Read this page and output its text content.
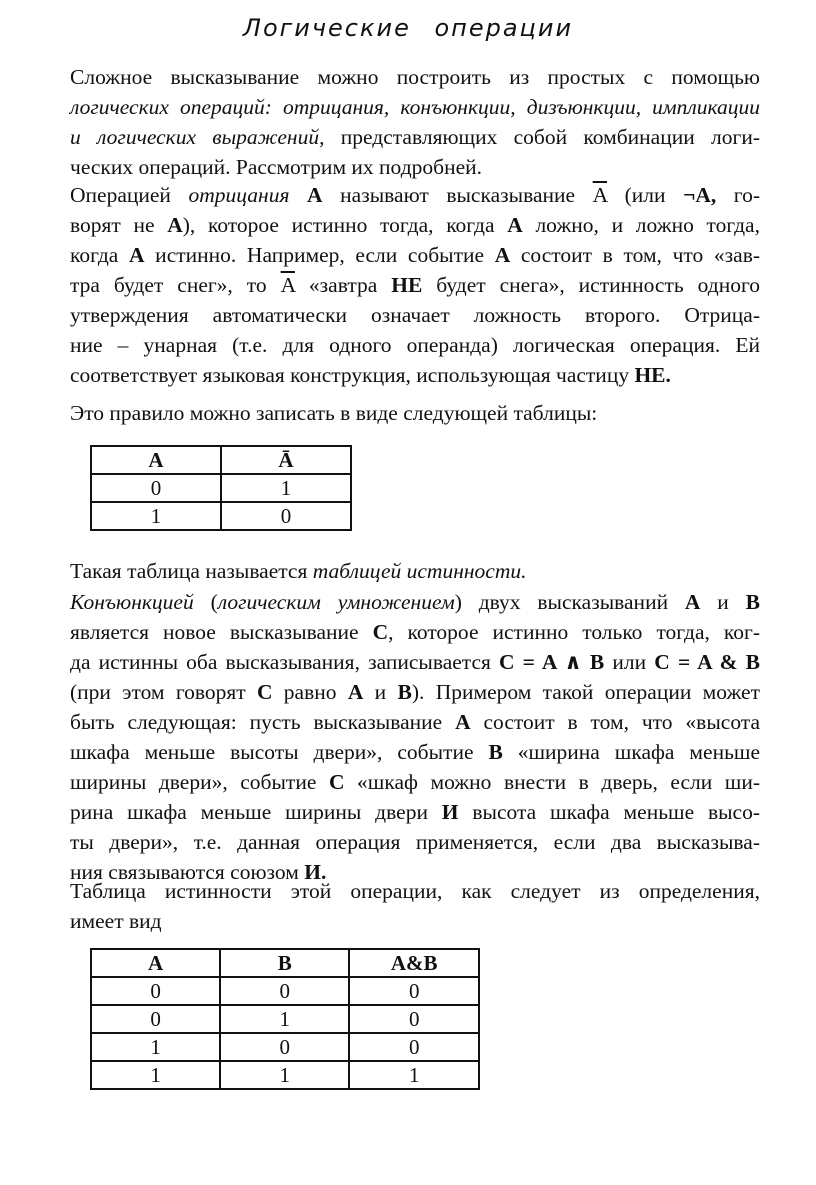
Логические операции
Сложное высказывание можно построить из простых с помощью
логических операций: отрицания, конъюнкции, дизъюнкции, импликации
и логических выражений, представляющих собой комбинации логи-
ческих операций. Рассмотрим их подробней.
Операцией отрицания A называют высказывание $\overline{A}$ (или ¬A, го-
ворят не A), которое истинно тогда, когда A ложно, и ложно тогда,
когда A истинно. Например, если событие A состоит в том, что «зав-
тра будет снег», то $\overline{A}$ «завтра НЕ будет снега», истинность одного
утверждения автоматически означает ложность второго. Отрица-
ние – унарная (т.е. для одного операнда) логическая операция. Ей
соответствует языковая конструкция, использующая частицу НЕ.
Это правило можно записать в виде следующей таблицы:
A	Ā
0	1
1	0
Такая таблица называется таблицей истинности.
Конъюнкцией (логическим умножением) двух высказываний A и B
является новое высказывание C, которое истинно только тогда, ког-
да истинны оба высказывания, записывается C = A ∧ B или C = A & B
(при этом говорят C равно A и B). Примером такой операции может
быть следующая: пусть высказывание A состоит в том, что «высота
шкафа меньше высоты двери», событие B «ширина шкафа меньше
ширины двери», событие C «шкаф можно внести в дверь, если ши-
рина шкафа меньше ширины двери И высота шкафа меньше высо-
ты двери», т.е. данная операция применяется, если два высказыва-
ния связываются союзом И.
Таблица истинности этой операции, как следует из определения,
имеет вид
A	B	A&B
0	0	0
0	1	0
1	0	0
1	1	1
